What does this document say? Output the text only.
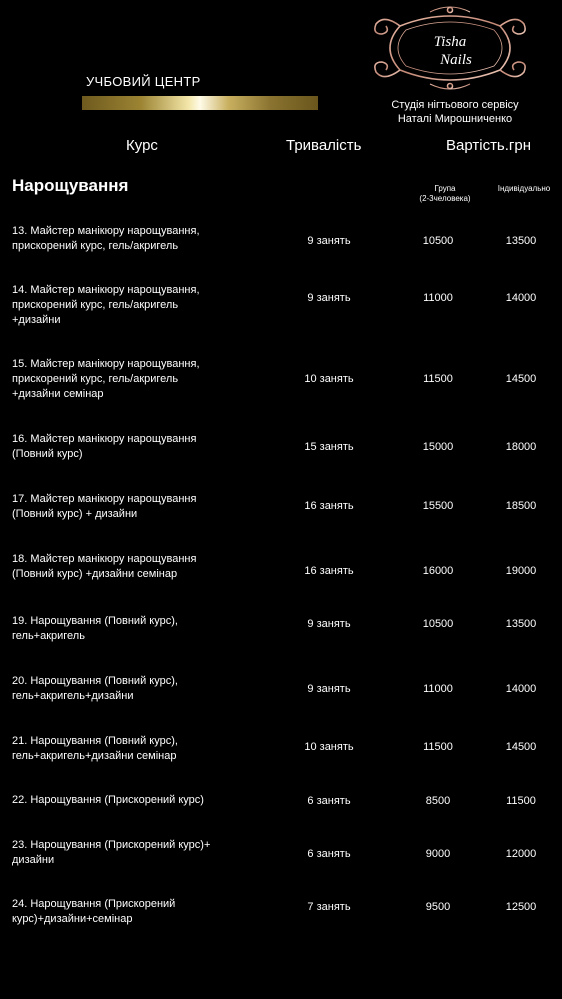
УЧБОВИЙ ЦЕНТР
Tisha
Nails
Студія нігтьового сервісу
Наталі Мирошниченко
Курс	Тривалість	Вартість.грн
Нарощування	Група
(2-3человека)
Індивідуально
13. Майстер манікюру нарощування,
прискорений курс, гель/акригель	9 занять	10500	13500
14. Майстер манікюру нарощування,
прискорений курс, гель/акригель
+дизайни
9 занять	11000	14000
15. Майстер манікюру нарощування,
прискорений курс, гель/акригель
+дизайни семінар
10 занять	11500	14500
16. Майстер манікюру нарощування
(Повний курс)
15 занять	15000	18000
17. Майстер манікюру нарощування
(Повний курс) + дизайни
16 занять	15500	18500
18. Майстер манікюру нарощування
(Повний курс) +дизайни семінар	16 занять	16000	19000
19. Нарощування (Повний курс),
гель+акригель
9 занять	10500	13500
20. Нарощування (Повний курс),
гель+акригель+дизайни
9 занять	11000	14000
21. Нарощування (Повний курс),
гель+акригель+дизайни семінар
10 занять	11500	14500
22. Нарощування (Прискорений курс)	6 занять	8500	11500
23. Нарощування (Прискорений курс)+
дизайни	6 занять	9000	12000
24. Нарощування (Прискорений
курс)+дизайни+семінар
7 занять	9500	12500
